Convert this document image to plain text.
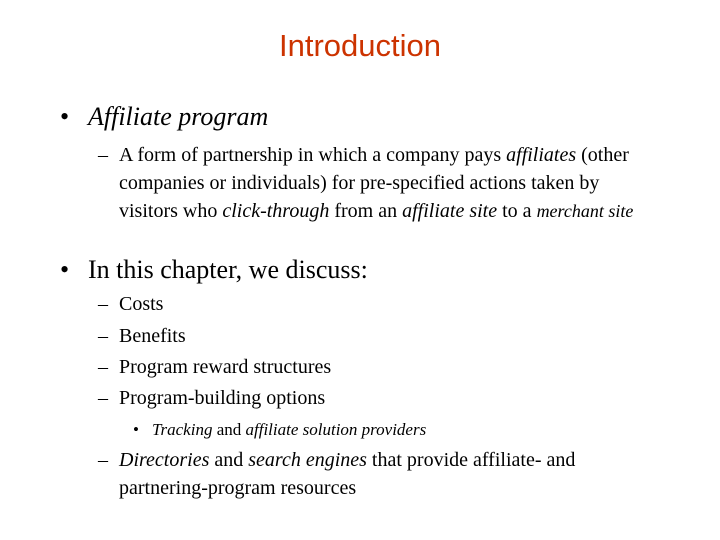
Introduction
• Affiliate program
– A form of partnership in which a company pays affiliates (other companies or individuals) for pre-specified actions taken by visitors who click-through from an affiliate site to a merchant site
• In this chapter, we discuss:
– Costs
– Benefits
– Program reward structures
– Program-building options
• Tracking and affiliate solution providers
– Directories and search engines that provide affiliate- and partnering-program resources
